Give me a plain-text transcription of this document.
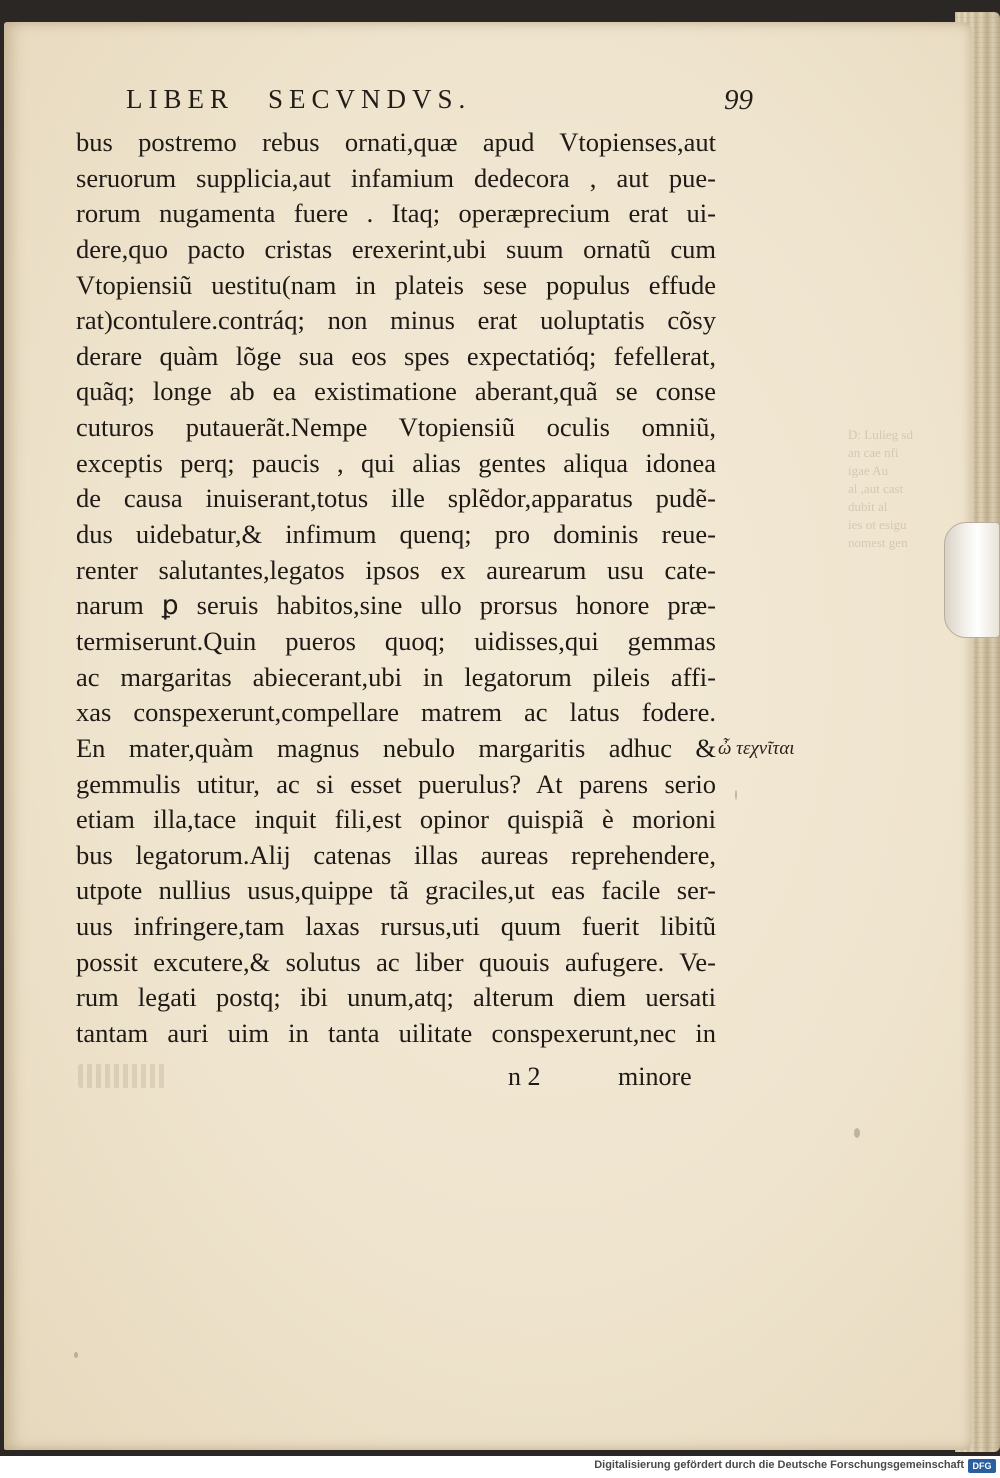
D: Lulieg sd
an cae nfi
igae Au
al ,aut cast
dubit al
ies ot esigu
nomest gen
LIBER SECVNDVS.	99
bus postremo rebus ornati,quæ apud Vtopienses,aut
seruorum supplicia,aut infamium dedecora , aut pue-
rorum nugamenta fuere . Itaq; operæprecium erat ui-
dere,quo pacto cristas erexerint,ubi suum ornatũ cum
Vtopiensiũ uestitu(nam in plateis sese populus effude
rat)contulere.contráq; non minus erat uoluptatis cõsy
derare quàm lõge sua eos spes expectatióq; fefellerat,
quãq; longe ab ea existimatione aberant,quã se conse
cuturos putauerãt.Nempe Vtopiensiũ oculis omniũ,
exceptis perq; paucis , qui alias gentes aliqua idonea
de causa inuiserant,totus ille splẽdor,apparatus pudẽ-
dus uidebatur,& infimum quenq; pro dominis reue-
renter salutantes,legatos ipsos ex aurearum usu cate-
narum ꝑ seruis habitos,sine ullo prorsus honore præ-
termiserunt.Quin pueros quoq; uidisses,qui gemmas
ac margaritas abiecerant,ubi in legatorum pileis affi-
xas conspexerunt,compellare matrem ac latus fodere.
En mater,quàm magnus nebulo margaritis adhuc &
gemmulis utitur, ac si esset puerulus? At parens serio
etiam illa,tace inquit fili,est opinor quispiã è morioni
bus legatorum.Alij catenas illas aureas reprehendere,
utpote nullius usus,quippe tã graciles,ut eas facile ser-
uus infringere,tam laxas rursus,uti quum fuerit libitũ
possit excutere,& solutus ac liber quouis aufugere. Ve-
rum legati postq; ibi unum,atq; alterum diem uersati
tantam auri uim in tanta uilitate conspexerunt,nec in
ὦ τεχνῖται
n 2	minore
Digitalisierung gefördert durch die Deutsche Forschungsgemeinschaft DFG
